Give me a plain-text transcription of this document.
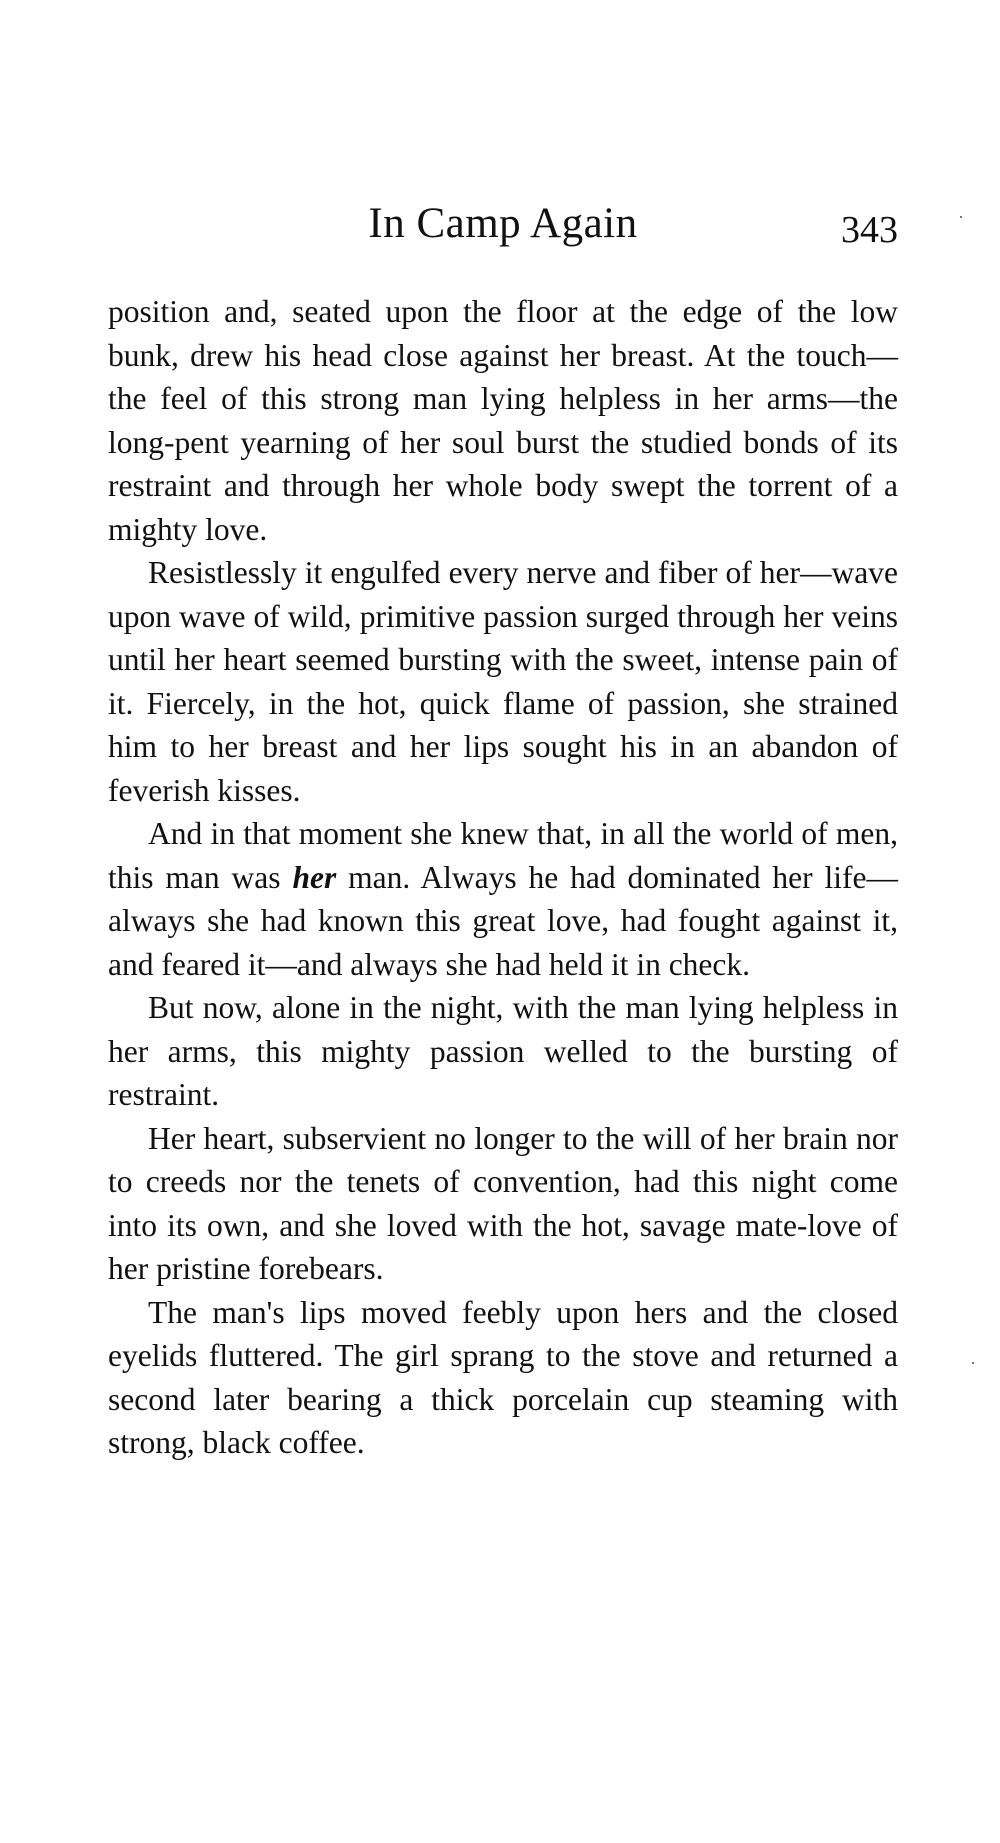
In Camp Again	343

position and, seated upon the floor at the edge of the low bunk, drew his head close against her breast. At the touch—the feel of this strong man lying helpless in her arms—the long-pent yearning of her soul burst the studied bonds of its restraint and through her whole body swept the torrent of a mighty love.

Resistlessly it engulfed every nerve and fiber of her—wave upon wave of wild, primitive passion surged through her veins until her heart seemed bursting with the sweet, intense pain of it. Fiercely, in the hot, quick flame of passion, she strained him to her breast and her lips sought his in an abandon of feverish kisses.

And in that moment she knew that, in all the world of men, this man was her man. Always he had dominated her life—always she had known this great love, had fought against it, and feared it—and always she had held it in check.

But now, alone in the night, with the man lying helpless in her arms, this mighty passion welled to the bursting of restraint.

Her heart, subservient no longer to the will of her brain nor to creeds nor the tenets of convention, had this night come into its own, and she loved with the hot, savage mate-love of her pristine forebears.

The man's lips moved feebly upon hers and the closed eyelids fluttered. The girl sprang to the stove and returned a second later bearing a thick porcelain cup steaming with strong, black coffee.
